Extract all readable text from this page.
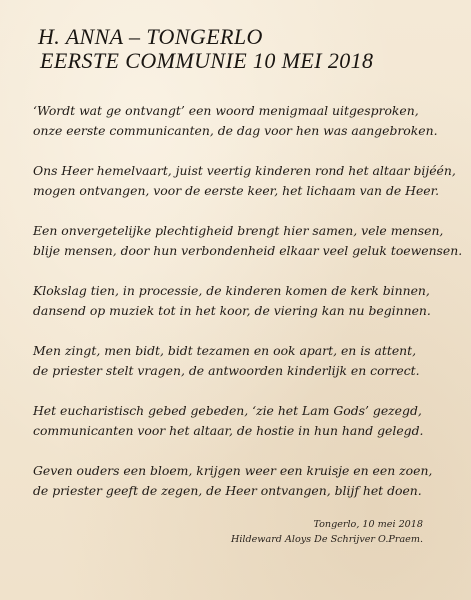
H. ANNA – TONGERLO
EERSTE COMMUNIE 10 MEI 2018

‘Wordt wat ge ontvangt’ een woord menigmaal uitgesproken,
onze eerste communicanten, de dag voor hen was aangebroken.

Ons Heer hemelvaart, juist veertig kinderen rond het altaar bijéén,
mogen ontvangen, voor de eerste keer, het lichaam van de Heer.

Een onvergetelijke plechtigheid brengt hier samen, vele mensen,
blije mensen, door hun verbondenheid elkaar veel geluk toewensen.

Klokslag tien, in processie, de kinderen komen de kerk binnen,
dansend op muziek tot in het koor, de viering kan nu beginnen.

Men zingt, men bidt, bidt tezamen en ook apart, en is attent,
de priester stelt vragen, de antwoorden kinderlijk en correct.

Het eucharistisch gebed gebeden, ‘zie het Lam Gods’ gezegd,
communicanten voor het altaar, de hostie in hun hand gelegd.

Geven ouders een bloem, krijgen weer een kruisje en een zoen,
de priester geeft de zegen, de Heer ontvangen, blijf het doen.

Tongerlo, 10 mei 2018
Hildeward Aloys De Schrijver O.Praem.
